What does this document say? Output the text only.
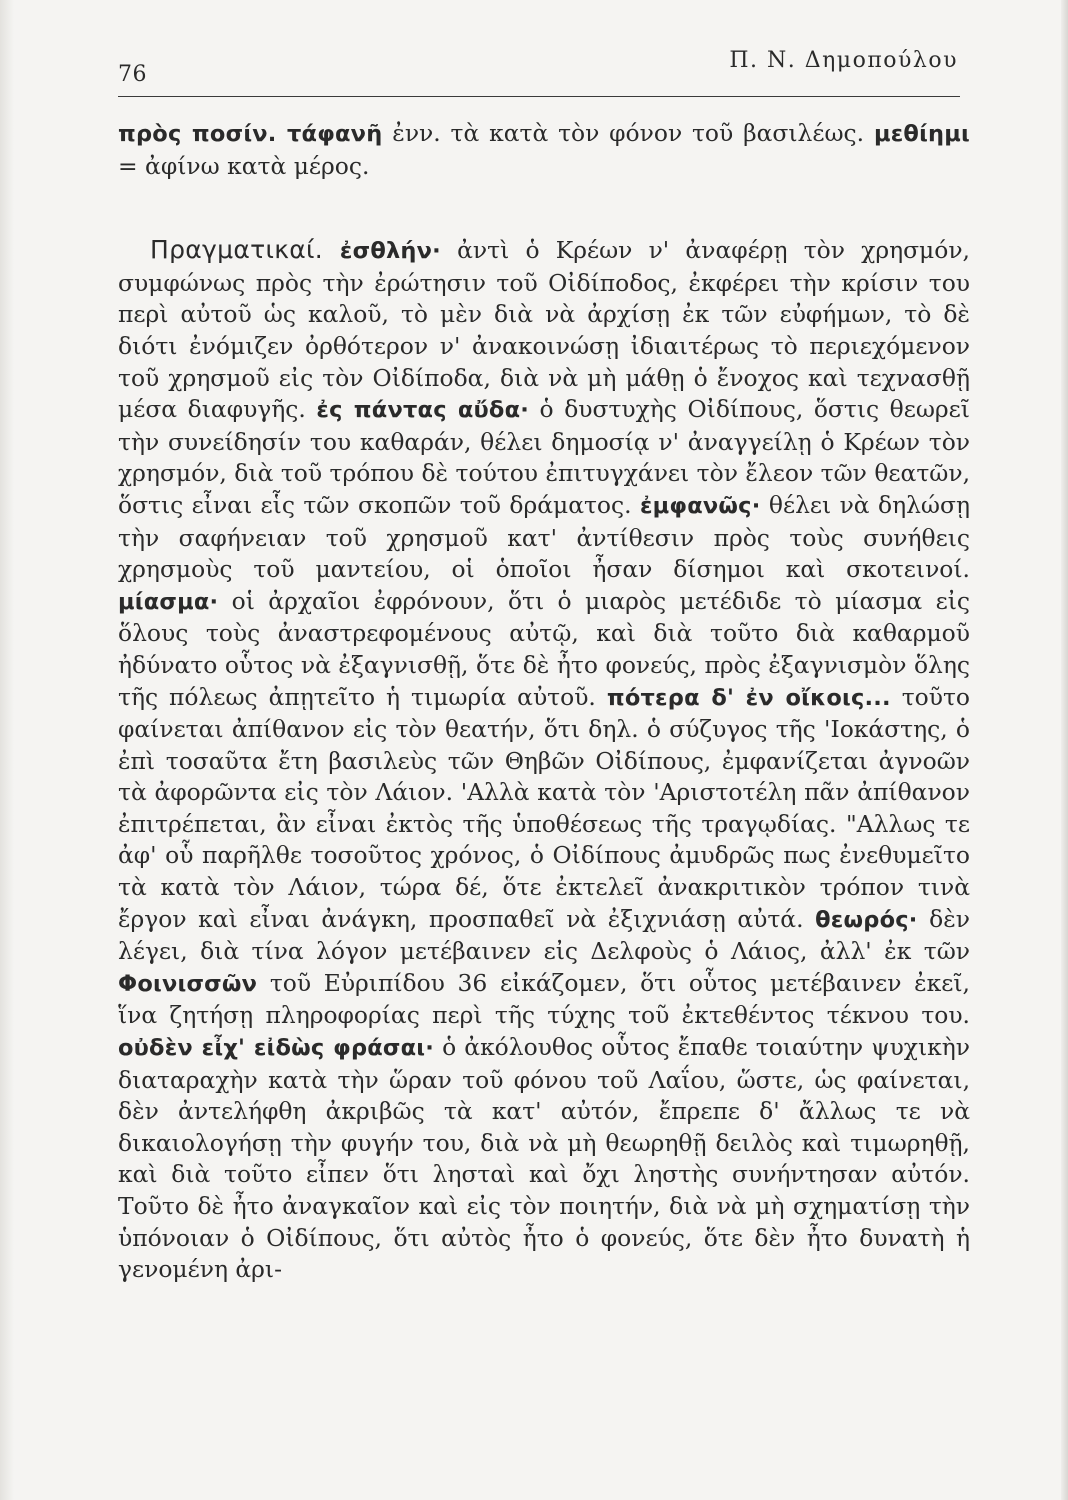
76
Π. Ν. Δημοπούλου

πρὸς ποσίν. τάφανῆ ἐνν. τὰ κατὰ τὸν φόνον τοῦ βασιλέως. μεθίημι = ἀφίνω κατὰ μέρος.

Πραγματικαί. ἐσθλήν· ἀντὶ ὁ Κρέων ν' ἀναφέρῃ τὸν χρησμόν, συμφώνως πρὸς τὴν ἐρώτησιν τοῦ Οἰδίποδος, ἐκφέρει τὴν κρίσιν του περὶ αὐτοῦ ὡς καλοῦ, τὸ μὲν διὰ νὰ ἀρχίσῃ ἐκ τῶν εὐφήμων, τὸ δὲ διότι ἐνόμιζεν ὀρθότερον ν' ἀνακοινώσῃ ἰδιαιτέρως τὸ περιεχόμενον τοῦ χρησμοῦ εἰς τὸν Οἰδίποδα, διὰ νὰ μὴ μάθῃ ὁ ἔνοχος καὶ τεχνασθῇ μέσα διαφυγῆς. ἐς πάντας αὔδα· ὁ δυστυχὴς Οἰδίπους, ὅστις θεωρεῖ τὴν συνείδησίν του καθαράν, θέλει δημοσίᾳ ν' ἀναγγείλῃ ὁ Κρέων τὸν χρησμόν, διὰ τοῦ τρόπου δὲ τούτου ἐπιτυγχάνει τὸν ἔλεον τῶν θεατῶν, ὅστις εἶναι εἷς τῶν σκοπῶν τοῦ δράματος. ἐμφανῶς· θέλει νὰ δηλώσῃ τὴν σαφήνειαν τοῦ χρησμοῦ κατ' ἀντίθεσιν πρὸς τοὺς συνήθεις χρησμοὺς τοῦ μαντείου, οἱ ὁποῖοι ἦσαν δίσημοι καὶ σκοτεινοί. μίασμα· οἱ ἀρχαῖοι ἐφρόνουν, ὅτι ὁ μιαρὸς μετέδιδε τὸ μίασμα εἰς ὅλους τοὺς ἀναστρεφομένους αὐτῷ, καὶ διὰ τοῦτο διὰ καθαρμοῦ ἠδύνατο οὗτος νὰ ἐξαγνισθῇ, ὅτε δὲ ἦτο φονεύς, πρὸς ἐξαγνισμὸν ὅλης τῆς πόλεως ἀπῃτεῖτο ἡ τιμωρία αὐτοῦ. πότερα δ' ἐν οἴκοις... τοῦτο φαίνεται ἀπίθανον εἰς τὸν θεατήν, ὅτι δηλ. ὁ σύζυγος τῆς 'Ιοκάστης, ὁ ἐπὶ τοσαῦτα ἔτη βασιλεὺς τῶν Θηβῶν Οἰδίπους, ἐμφανίζεται ἀγνοῶν τὰ ἀφορῶντα εἰς τὸν Λάιον. 'Αλλὰ κατὰ τὸν 'Αριστοτέλη πᾶν ἀπίθανον ἐπιτρέπεται, ἂν εἶναι ἐκτὸς τῆς ὑποθέσεως τῆς τραγῳδίας. "Αλλως τε ἀφ' οὗ παρῆλθε τοσοῦτος χρόνος, ὁ Οἰδίπους ἀμυδρῶς πως ἐνεθυμεῖτο τὰ κατὰ τὸν Λάιον, τώρα δέ, ὅτε ἐκτελεῖ ἀνακριτικὸν τρόπον τινὰ ἔργον καὶ εἶναι ἀνάγκη, προσπαθεῖ νὰ ἐξιχνιάσῃ αὐτά. θεωρός· δὲν λέγει, διὰ τίνα λόγον μετέβαινεν εἰς Δελφοὺς ὁ Λάιος, ἀλλ' ἐκ τῶν Φοινισσῶν τοῦ Εὐριπίδου 36 εἰκάζομεν, ὅτι οὗτος μετέβαινεν ἐκεῖ, ἵνα ζητήσῃ πληροφορίας περὶ τῆς τύχης τοῦ ἐκτεθέντος τέκνου του. οὐδὲν εἶχ' εἰδὼς φράσαι· ὁ ἀκόλουθος οὗτος ἔπαθε τοιαύτην ψυχικὴν διαταραχὴν κατὰ τὴν ὥραν τοῦ φόνου τοῦ Λαΐου, ὥστε, ὡς φαίνεται, δὲν ἀντελήφθη ἀκριβῶς τὰ κατ' αὐτόν, ἔπρεπε δ' ἄλλως τε νὰ δικαιολογήσῃ τὴν φυγήν του, διὰ νὰ μὴ θεωρηθῇ δειλὸς καὶ τιμωρηθῇ, καὶ διὰ τοῦτο εἶπεν ὅτι λησταὶ καὶ ὄχι ληστὴς συνήντησαν αὐτόν. Τοῦτο δὲ ἦτο ἀναγκαῖον καὶ εἰς τὸν ποιητήν, διὰ νὰ μὴ σχηματίσῃ τὴν ὑπόνοιαν ὁ Οἰδίπους, ὅτι αὐτὸς ἦτο ὁ φονεύς, ὅτε δὲν ἦτο δυνατὴ ἡ γενομένη ἀρι-
